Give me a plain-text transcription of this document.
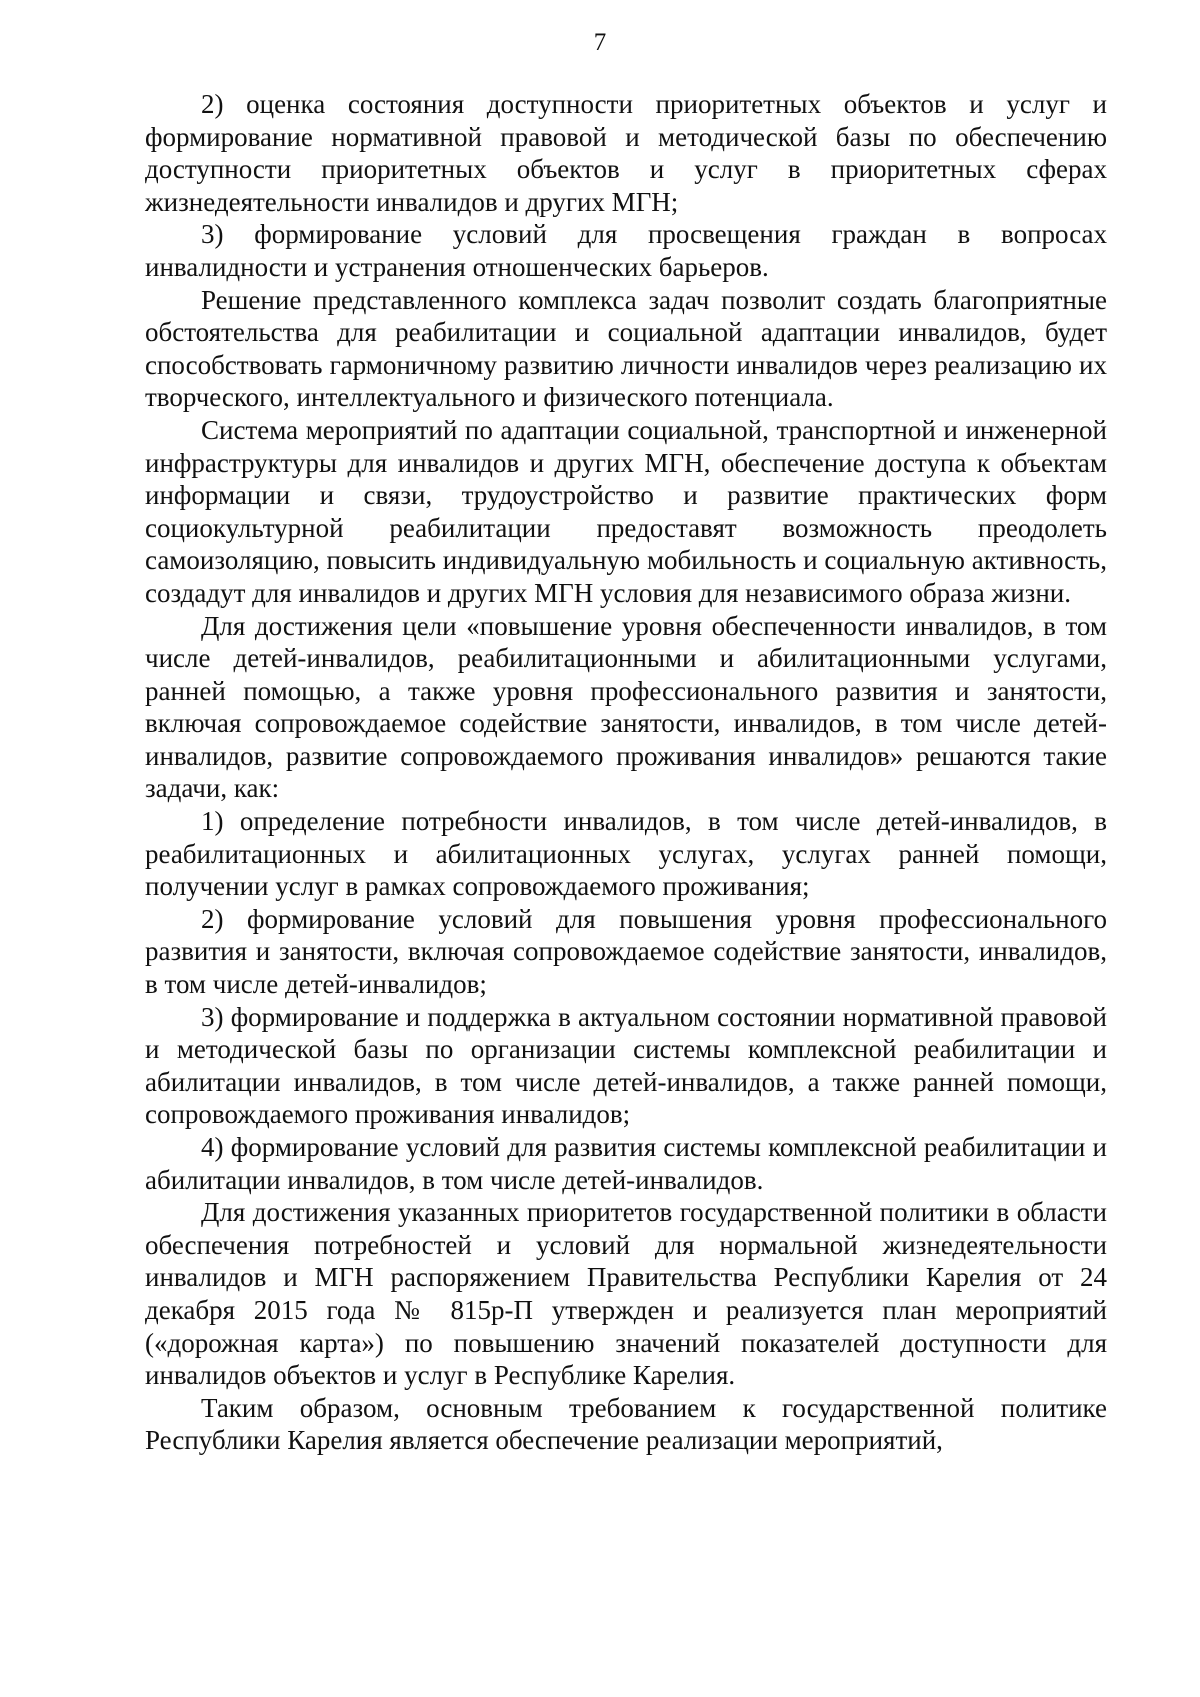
7

2) оценка состояния доступности приоритетных объектов и услуг и формирование нормативной правовой и методической базы по обеспечению доступности приоритетных объектов и услуг в приоритетных сферах жизнедеятельности инвалидов и других МГН;

3) формирование условий для просвещения граждан в вопросах инвалидности и устранения отношенческих барьеров.

Решение представленного комплекса задач позволит создать благоприятные обстоятельства для реабилитации и социальной адаптации инвалидов, будет способствовать гармоничному развитию личности инвалидов через реализацию их творческого, интеллектуального и физического потенциала.

Система мероприятий по адаптации социальной, транспортной и инженерной инфраструктуры для инвалидов и других МГН, обеспечение доступа к объектам информации и связи, трудоустройство и развитие практических форм социокультурной реабилитации предоставят возможность преодолеть самоизоляцию, повысить индивидуальную мобильность и социальную активность, создадут для инвалидов и других МГН условия для независимого образа жизни.

Для достижения цели «повышение уровня обеспеченности инвалидов, в том числе детей-инвалидов, реабилитационными и абилитационными услугами, ранней помощью, а также уровня профессионального развития и занятости, включая сопровождаемое содействие занятости, инвалидов, в том числе детей-инвалидов, развитие сопровождаемого проживания инвалидов» решаются такие задачи, как:

1) определение потребности инвалидов, в том числе детей-инвалидов, в реабилитационных и абилитационных услугах, услугах ранней помощи, получении услуг в рамках сопровождаемого проживания;

2) формирование условий для повышения уровня профессионального развития и занятости, включая сопровождаемое содействие занятости, инвалидов, в том числе детей-инвалидов;

3) формирование и поддержка в актуальном состоянии нормативной правовой и методической базы по организации системы комплексной реабилитации и абилитации инвалидов, в том числе детей-инвалидов, а также ранней помощи, сопровождаемого проживания инвалидов;

4) формирование условий для развития системы комплексной реабилитации и абилитации инвалидов, в том числе детей-инвалидов.

Для достижения указанных приоритетов государственной политики в области обеспечения потребностей и условий для нормальной жизнедеятельности инвалидов и МГН распоряжением Правительства Республики Карелия от 24 декабря 2015 года № 815р-П утвержден и реализуется план мероприятий («дорожная карта») по повышению значений показателей доступности для инвалидов объектов и услуг в Республике Карелия.

Таким образом, основным требованием к государственной политике Республики Карелия является обеспечение реализации мероприятий,
